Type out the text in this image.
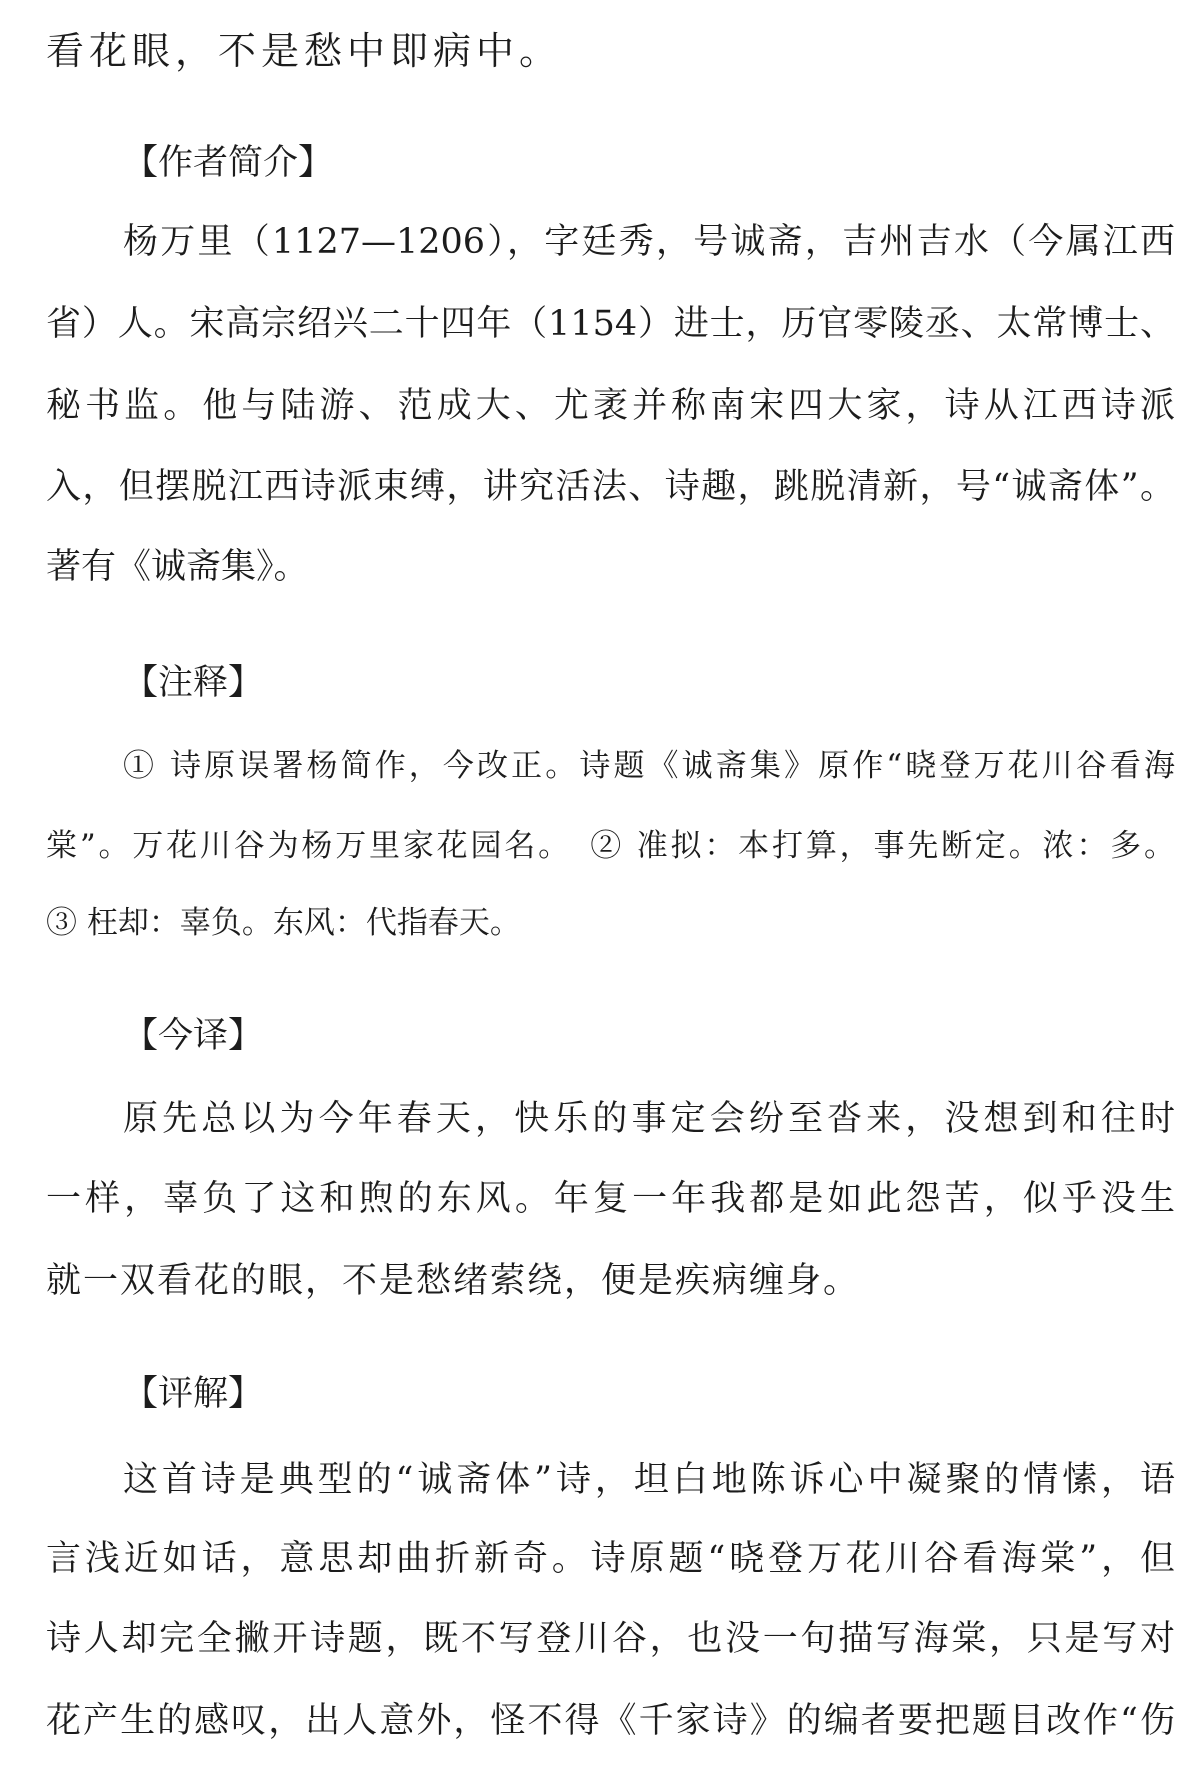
看花眼，不是愁中即病中。
【作者简介】
杨万里（1127—1206），字廷秀，号诚斋，吉州吉水（今属江西
省）人。宋高宗绍兴二十四年（1154）进士，历官零陵丞、太常博士、
秘书监。他与陆游、范成大、尤袤并称南宋四大家，诗从江西诗派
入，但摆脱江西诗派束缚，讲究活法、诗趣，跳脱清新，号“诚斋体”。
著有《诚斋集》。
【注释】
① 诗原误署杨简作，今改正。诗题《诚斋集》原作“晓登万花川谷看海
棠”。万花川谷为杨万里家花园名。　② 准拟：本打算，事先断定。浓：多。
③ 枉却：辜负。东风：代指春天。
【今译】
原先总以为今年春天，快乐的事定会纷至沓来，没想到和往时
一样，辜负了这和煦的东风。年复一年我都是如此怨苦，似乎没生
就一双看花的眼，不是愁绪萦绕，便是疾病缠身。
【评解】
这首诗是典型的“诚斋体”诗，坦白地陈诉心中凝聚的情愫，语
言浅近如话，意思却曲折新奇。诗原题“晓登万花川谷看海棠”，但
诗人却完全撇开诗题，既不写登川谷，也没一句描写海棠，只是写对
花产生的感叹，出人意外，怪不得《千家诗》的编者要把题目改作“伤
